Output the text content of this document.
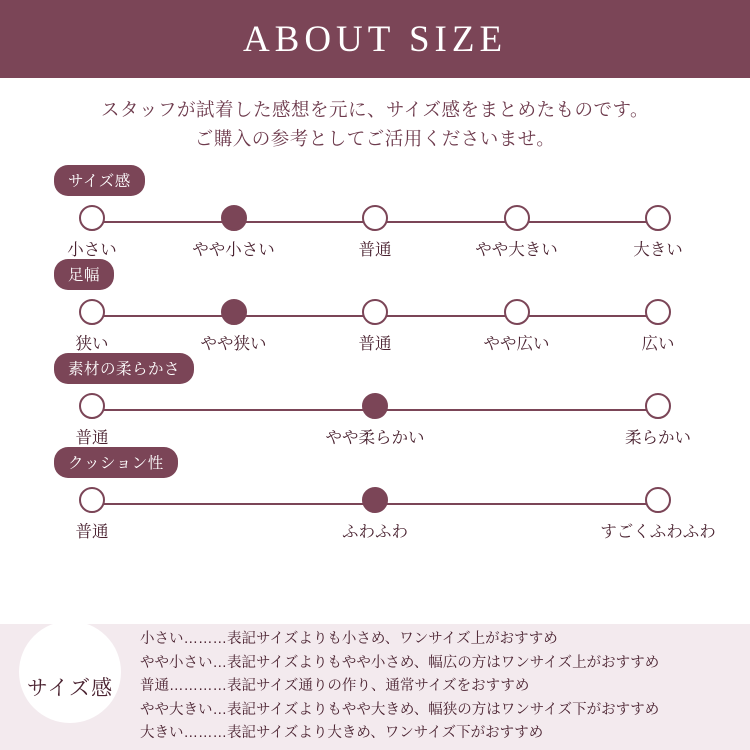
ABOUT SIZE
スタッフが試着した感想を元に、サイズ感をまとめたものです。
ご購入の参考としてご活用くださいませ。
サイズ感
小さい	やや小さい	普通	やや大きい	大きい
足幅
狭い	やや狭い	普通	やや広い	広い
素材の柔らかさ
普通	やや柔らかい	柔らかい
クッション性
普通	ふわふわ	すごくふわふわ
サイズ感
小さい………表記サイズよりも小さめ、ワンサイズ上がおすすめ
やや小さい…表記サイズよりもやや小さめ、幅広の方はワンサイズ上がおすすめ
普通…………表記サイズ通りの作り、通常サイズをおすすめ
やや大きい…表記サイズよりもやや大きめ、幅狭の方はワンサイズ下がおすすめ
大きい………表記サイズより大きめ、ワンサイズ下がおすすめ
